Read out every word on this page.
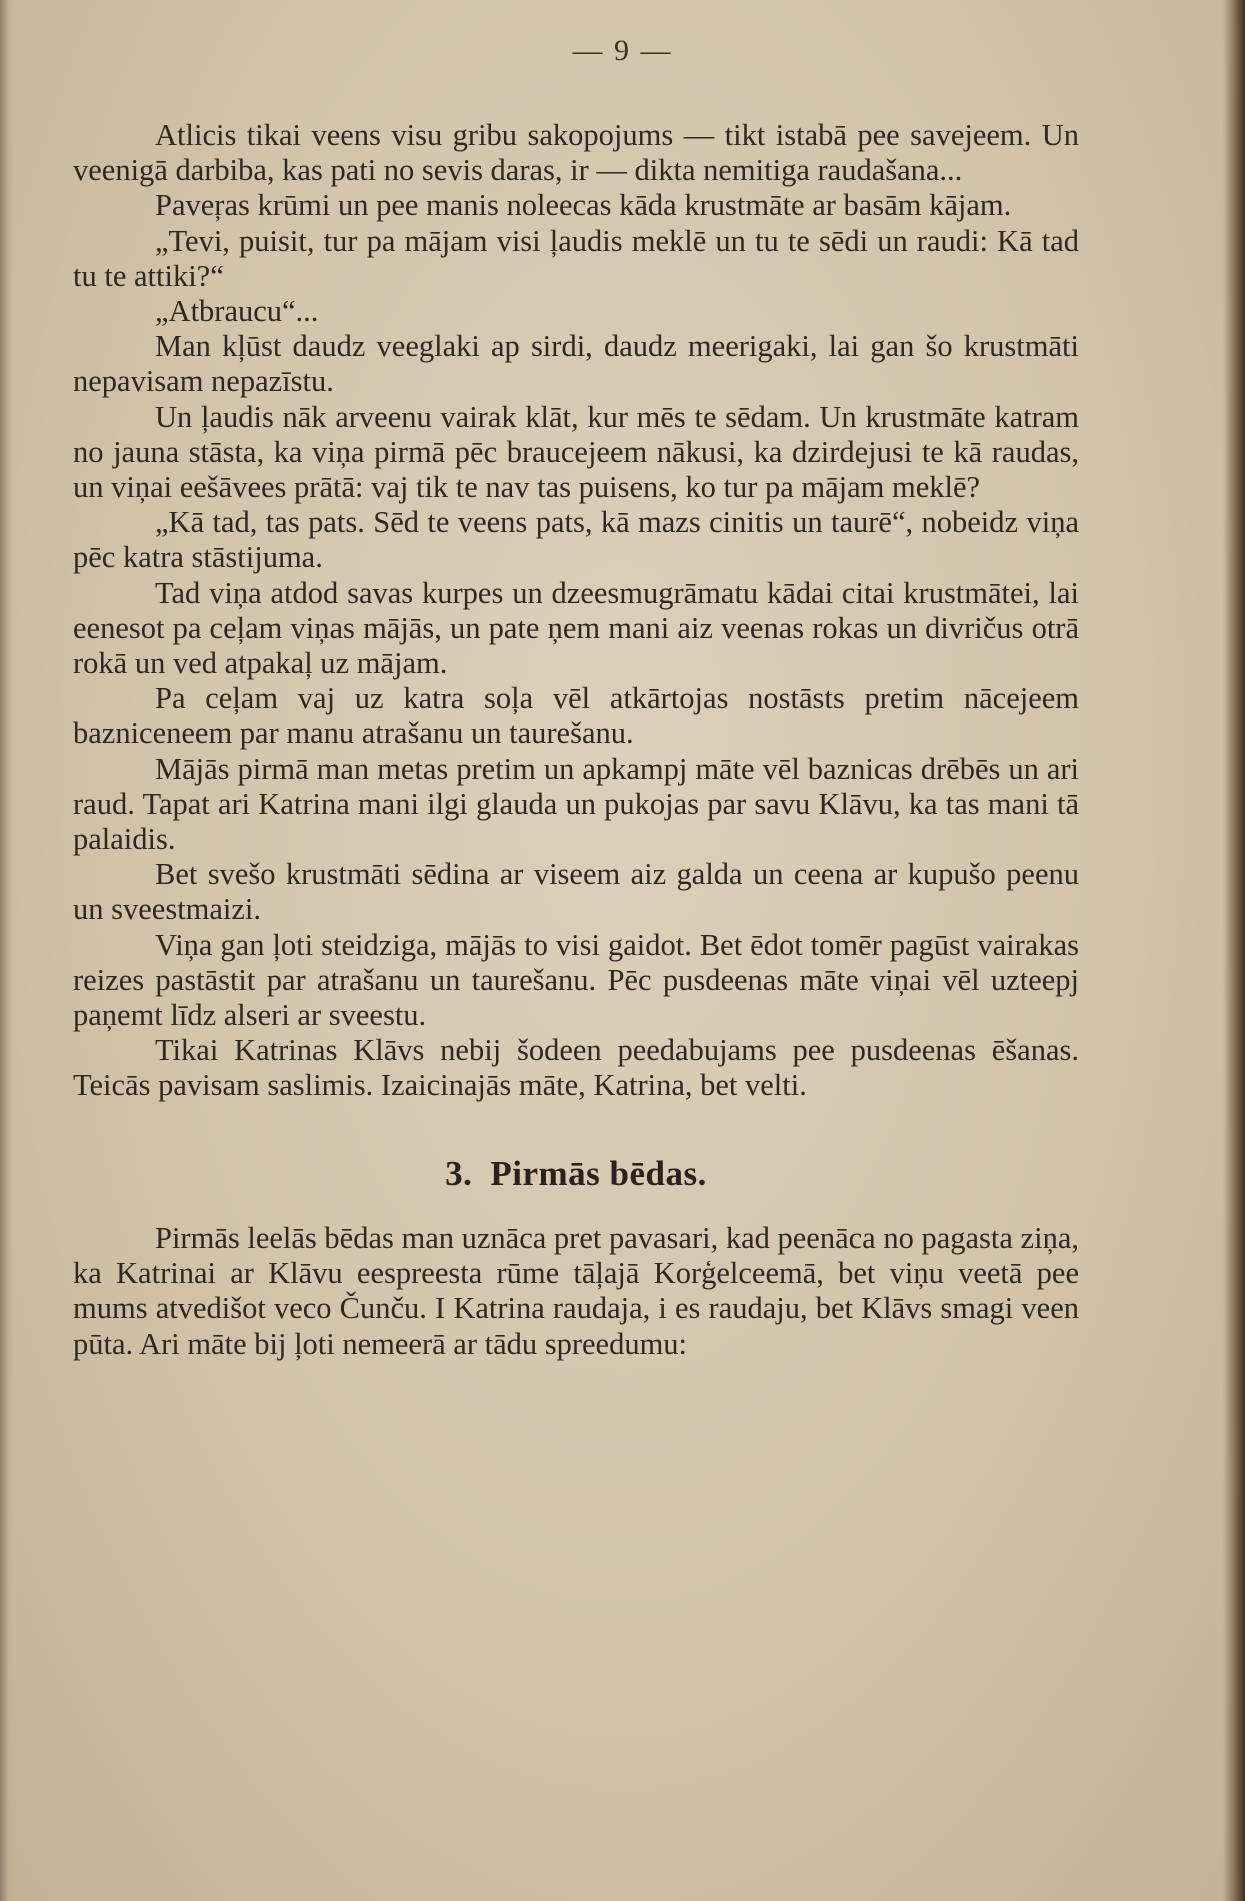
— 9 —

Atlicis tikai veens visu gribu sakopojums — tikt istabā pee savejeem. Un veenigā darbiba, kas pati no sevis daras, ir — dikta nemitiga raudašana...

Paveŗas krūmi un pee manis noleecas kāda krustmāte ar basām kājam.

„Tevi, puisit, tur pa mājam visi ļaudis meklē un tu te sēdi un raudi: Kā tad tu te attiki?“

„Atbraucu“...

Man kļūst daudz veeglaki ap sirdi, daudz meerigaki, lai gan šo krustmāti nepavisam nepazīstu.

Un ļaudis nāk arveenu vairak klāt, kur mēs te sēdam. Un krustmāte katram no jauna stāsta, ka viņa pirmā pēc braucejeem nākusi, ka dzirdejusi te kā raudas, un viņai eešāvees prātā: vaj tik te nav tas puisens, ko tur pa mājam meklē?

„Kā tad, tas pats. Sēd te veens pats, kā mazs cinitis un taurē“, nobeidz viņa pēc katra stāstijuma.

Tad viņa atdod savas kurpes un dzeesmugrāmatu kādai citai krustmātei, lai eenesot pa ceļam viņas mājās, un pate ņem mani aiz veenas rokas un divričus otrā rokā un ved atpakaļ uz mājam.

Pa ceļam vaj uz katra soļa vēl atkārtojas nostāsts pretim nācejeem bazniceneem par manu atrašanu un taurešanu.

Mājās pirmā man metas pretim un apkampj māte vēl baznicas drēbēs un ari raud. Tapat ari Katrina mani ilgi glauda un pukojas par savu Klāvu, ka tas mani tā palaidis.

Bet svešo krustmāti sēdina ar viseem aiz galda un ceena ar kupušo peenu un sveestmaizi.

Viņa gan ļoti steidziga, mājās to visi gaidot. Bet ēdot tomēr pagūst vairakas reizes pastāstit par atrašanu un taurešanu. Pēc pusdeenas māte viņai vēl uzteepj paņemt līdz alseri ar sveestu.

Tikai Katrinas Klāvs nebij šodeen peedabujams pee pusdeenas ēšanas. Teicās pavisam saslimis. Izaicinajās māte, Katrina, bet velti.

3. Pirmās bēdas.

Pirmās leelās bēdas man uznāca pret pavasari, kad peenāca no pagasta ziņa, ka Katrinai ar Klāvu eespreesta rūme tāļajā Korģelceemā, bet viņu veetā pee mums atvedišot veco Čunču. I Katrina raudaja, i es raudaju, bet Klāvs smagi veen pūta. Ari māte bij ļoti nemeerā ar tādu spreedumu:
